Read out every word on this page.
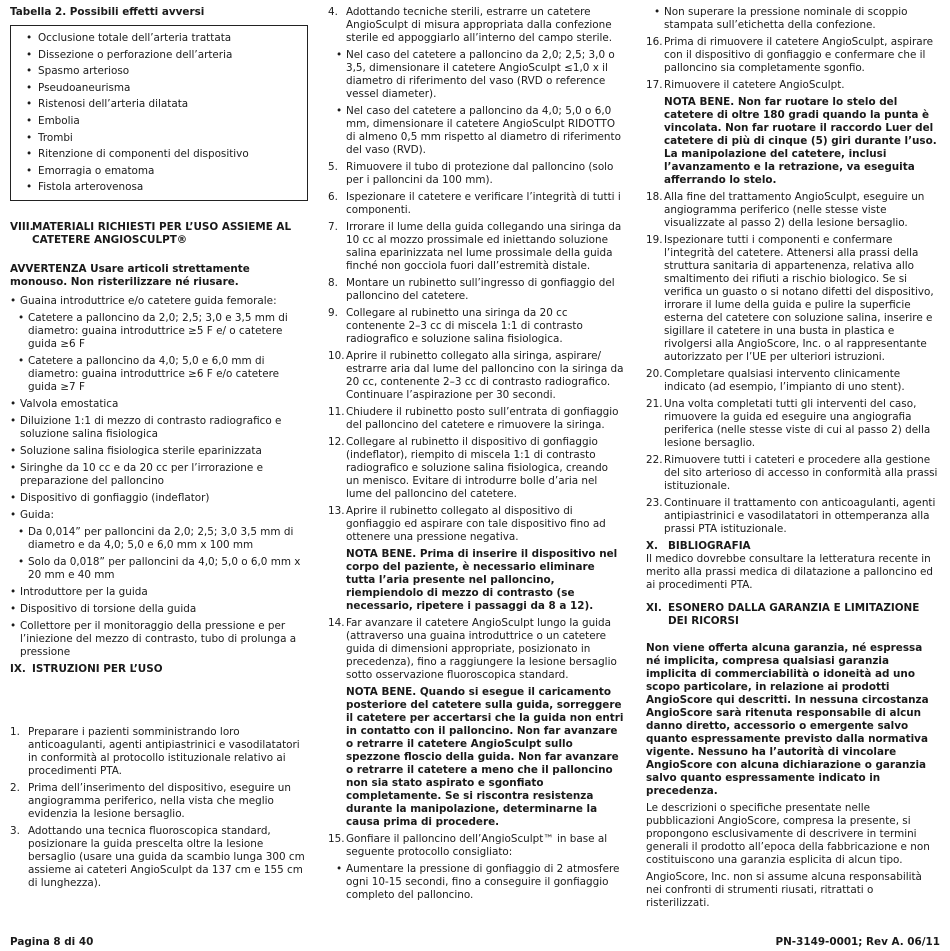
Tabella 2. Possibili effetti avversi
• Occlusione totale dell’arteria trattata
• Dissezione o perforazione dell’arteria
• Spasmo arterioso
• Pseudoaneurisma
• Ristenosi dell’arteria dilatata
• Embolia
• Trombi
• Ritenzione di componenti del dispositivo
• Emorragia o ematoma
• Fistola arterovenosa
VIII.
MATERIALI RICHIESTI PER L’USO ASSIEME AL CATETERE ANGIOSCULPT®
AVVERTENZA Usare articoli strettamente monouso. Non risterilizzare né riusare.
• Guaina introduttrice e/o catetere guida femorale:
• Catetere a palloncino da 2,0; 2,5; 3,0 e 3,5 mm di diametro: guaina introduttrice ≥5 F e/ o catetere guida ≥6 F
• Catetere a palloncino da 4,0; 5,0 e 6,0 mm di diametro: guaina introduttrice ≥6 F e/o catetere guida ≥7 F
• Valvola emostatica
• Diluizione 1:1 di mezzo di contrasto radiografico e soluzione salina fisiologica
• Soluzione salina fisiologica sterile eparinizzata
• Siringhe da 10 cc e da 20 cc per l’irrorazione e preparazione del palloncino
• Dispositivo di gonfiaggio (indeflator)
• Guida:
• Da 0,014” per palloncini da 2,0; 2,5; 3,0 3,5 mm di diametro e da 4,0; 5,0 e 6,0 mm x 100 mm
• Solo da 0,018” per palloncini da 4,0; 5,0 o 6,0 mm x 20 mm e 40 mm
• Introduttore per la guida
• Dispositivo di torsione della guida
• Collettore per il monitoraggio della pressione e per l’iniezione del mezzo di contrasto, tubo di prolunga a pressione
IX. ISTRUZIONI PER L’USO
1. Preparare i pazienti somministrando loro anticoagulanti, agenti antipiastrinici e vasodilatatori in conformità al protocollo istituzionale relativo ai procedimenti PTA.
2. Prima dell’inserimento del dispositivo, eseguire un angiogramma periferico, nella vista che meglio evidenzia la lesione bersaglio.
3. Adottando una tecnica fluoroscopica standard, posizionare la guida prescelta oltre la lesione bersaglio (usare una guida da scambio lunga 300 cm assieme ai cateteri AngioSculpt da 137 cm e 155 cm di lunghezza).
4. Adottando tecniche sterili, estrarre un catetere AngioSculpt di misura appropriata dalla confezione sterile ed appoggiarlo all’interno del campo sterile.
• Nel caso del catetere a palloncino da 2,0; 2,5; 3,0 o 3,5, dimensionare il catetere AngioSculpt ≤1,0 x il diametro di riferimento del vaso (RVD o reference vessel diameter).
• Nel caso del catetere a palloncino da 4,0; 5,0 o 6,0 mm, dimensionare il catetere AngioSculpt RIDOTTO di almeno 0,5 mm rispetto al diametro di riferimento del vaso (RVD).
5. Rimuovere il tubo di protezione dal palloncino (solo per i palloncini da 100 mm).
6. Ispezionare il catetere e verificare l’integrità di tutti i componenti.
7. Irrorare il lume della guida collegando una siringa da 10 cc al mozzo prossimale ed iniettando soluzione salina eparinizzata nel lume prossimale della guida finché non gocciola fuori dall’estremità distale.
8. Montare un rubinetto sull’ingresso di gonfiaggio del palloncino del catetere.
9. Collegare al rubinetto una siringa da 20 cc contenente 2–3 cc di miscela 1:1 di contrasto radiografico e soluzione salina fisiologica.
10. Aprire il rubinetto collegato alla siringa, aspirare/ estrarre aria dal lume del palloncino con la siringa da 20 cc, contenente 2–3 cc di contrasto radiografico. Continuare l’aspirazione per 30 secondi.
11. Chiudere il rubinetto posto sull’entrata di gonfiaggio del palloncino del catetere e rimuovere la siringa.
12. Collegare al rubinetto il dispositivo di gonfiaggio (indeflator), riempito di miscela 1:1 di contrasto radiografico e soluzione salina fisiologica, creando un menisco. Evitare di introdurre bolle d’aria nel lume del palloncino del catetere.
13. Aprire il rubinetto collegato al dispositivo di gonfiaggio ed aspirare con tale dispositivo fino ad ottenere una pressione negativa.
NOTA BENE. Prima di inserire il dispositivo nel corpo del paziente, è necessario eliminare tutta l’aria presente nel palloncino, riempiendolo di mezzo di contrasto (se necessario, ripetere i passaggi da 8 a 12).
14. Far avanzare il catetere AngioSculpt lungo la guida (attraverso una guaina introduttrice o un catetere guida di dimensioni appropriate, posizionato in precedenza), fino a raggiungere la lesione bersaglio sotto osservazione fluoroscopica standard.
NOTA BENE. Quando si esegue il caricamento posteriore del catetere sulla guida, sorreggere il catetere per accertarsi che la guida non entri in contatto con il palloncino. Non far avanzare o retrarre il catetere AngioSculpt sullo spezzone floscio della guida. Non far avanzare o retrarre il catetere a meno che il palloncino non sia stato aspirato e sgonfiato completamente. Se si riscontra resistenza durante la manipolazione, determinarne la causa prima di procedere.
15. Gonfiare il palloncino dell’AngioSculpt™ in base al seguente protocollo consigliato:
• Aumentare la pressione di gonfiaggio di 2 atmosfere ogni 10-15 secondi, fino a conseguire il gonfiaggio completo del palloncino.
• Non superare la pressione nominale di scoppio stampata sull’etichetta della confezione.
16. Prima di rimuovere il catetere AngioSculpt, aspirare con il dispositivo di gonfiaggio e confermare che il palloncino sia completamente sgonfio.
17. Rimuovere il catetere AngioSculpt.
NOTA BENE. Non far ruotare lo stelo del catetere di oltre 180 gradi quando la punta è vincolata. Non far ruotare il raccordo Luer del catetere di più di cinque (5) giri durante l’uso. La manipolazione del catetere, inclusi l’avanzamento e la retrazione, va eseguita afferrando lo stelo.
18. Alla fine del trattamento AngioSculpt, eseguire un angiogramma periferico (nelle stesse viste visualizzate al passo 2) della lesione bersaglio.
19. Ispezionare tutti i componenti e confermare l’integrità del catetere. Attenersi alla prassi della struttura sanitaria di appartenenza, relativa allo smaltimento dei rifiuti a rischio biologico. Se si verifica un guasto o si notano difetti del dispositivo, irrorare il lume della guida e pulire la superficie esterna del catetere con soluzione salina, inserire e sigillare il catetere in una busta in plastica e rivolgersi alla AngioScore, Inc. o al rappresentante autorizzato per l’UE per ulteriori istruzioni.
20. Completare qualsiasi intervento clinicamente indicato (ad esempio, l’impianto di uno stent).
21. Una volta completati tutti gli interventi del caso, rimuovere la guida ed eseguire una angiografia periferica (nelle stesse viste di cui al passo 2) della lesione bersaglio.
22. Rimuovere tutti i cateteri e procedere alla gestione del sito arterioso di accesso in conformità alla prassi istituzionale.
23. Continuare il trattamento con anticoagulanti, agenti antipiastrinici e vasodilatatori in ottemperanza alla prassi PTA istituzionale.
X. BIBLIOGRAFIA
Il medico dovrebbe consultare la letteratura recente in merito alla prassi medica di dilatazione a palloncino ed ai procedimenti PTA.
XI. ESONERO DALLA GARANZIA E LIMITAZIONE DEI RICORSI
Non viene offerta alcuna garanzia, né espressa né implicita, compresa qualsiasi garanzia implicita di commerciabilità o idoneità ad uno scopo particolare, in relazione ai prodotti AngioScore qui descritti. In nessuna circostanza AngioScore sarà ritenuta responsabile di alcun danno diretto, accessorio o emergente salvo quanto espressamente previsto dalla normativa vigente. Nessuno ha l’autorità di vincolare AngioScore con alcuna dichiarazione o garanzia salvo quanto espressamente indicato in precedenza.
Le descrizioni o specifiche presentate nelle pubblicazioni AngioScore, compresa la presente, si propongono esclusivamente di descrivere in termini generali il prodotto all’epoca della fabbricazione e non costituiscono una garanzia esplicita di alcun tipo.
AngioScore, Inc. non si assume alcuna responsabilità nei confronti di strumenti riusati, ritrattati o risterilizzati.
Pagina 8 di 40	PN-3149-0001; Rev A. 06/11
